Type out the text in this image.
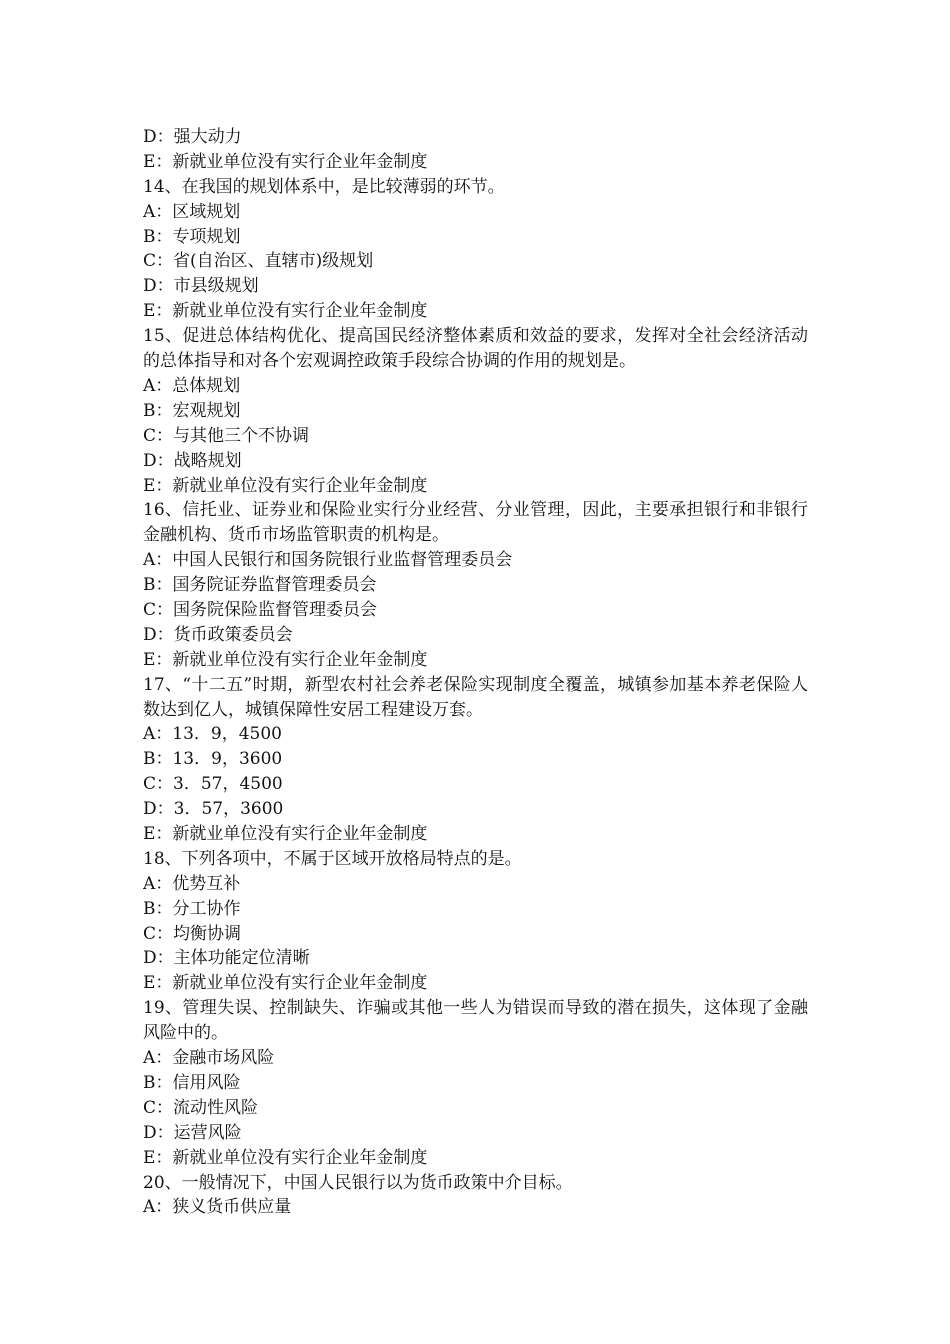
D：强大动力
E：新就业单位没有实行企业年金制度
14、在我国的规划体系中，是比较薄弱的环节。
A：区域规划
B：专项规划
C：省(自治区、直辖市)级规划
D：市县级规划
E：新就业单位没有实行企业年金制度
15、促进总体结构优化、提高国民经济整体素质和效益的要求，发挥对全社会经济活动的总体指导和对各个宏观调控政策手段综合协调的作用的规划是。
A：总体规划
B：宏观规划
C：与其他三个不协调
D：战略规划
E：新就业单位没有实行企业年金制度
16、信托业、证券业和保险业实行分业经营、分业管理，因此，主要承担银行和非银行金融机构、货币市场监管职责的机构是。
A：中国人民银行和国务院银行业监督管理委员会
B：国务院证券监督管理委员会
C：国务院保险监督管理委员会
D：货币政策委员会
E：新就业单位没有实行企业年金制度
17、“十二五”时期，新型农村社会养老保险实现制度全覆盖，城镇参加基本养老保险人数达到亿人，城镇保障性安居工程建设万套。
A：13．9，4500
B：13．9，3600
C：3．57，4500
D：3．57，3600
E：新就业单位没有实行企业年金制度
18、下列各项中，不属于区域开放格局特点的是。
A：优势互补
B：分工协作
C：均衡协调
D：主体功能定位清晰
E：新就业单位没有实行企业年金制度
19、管理失误、控制缺失、诈骗或其他一些人为错误而导致的潜在损失，这体现了金融风险中的。
A：金融市场风险
B：信用风险
C：流动性风险
D：运营风险
E：新就业单位没有实行企业年金制度
20、一般情况下，中国人民银行以为货币政策中介目标。
A：狭义货币供应量
